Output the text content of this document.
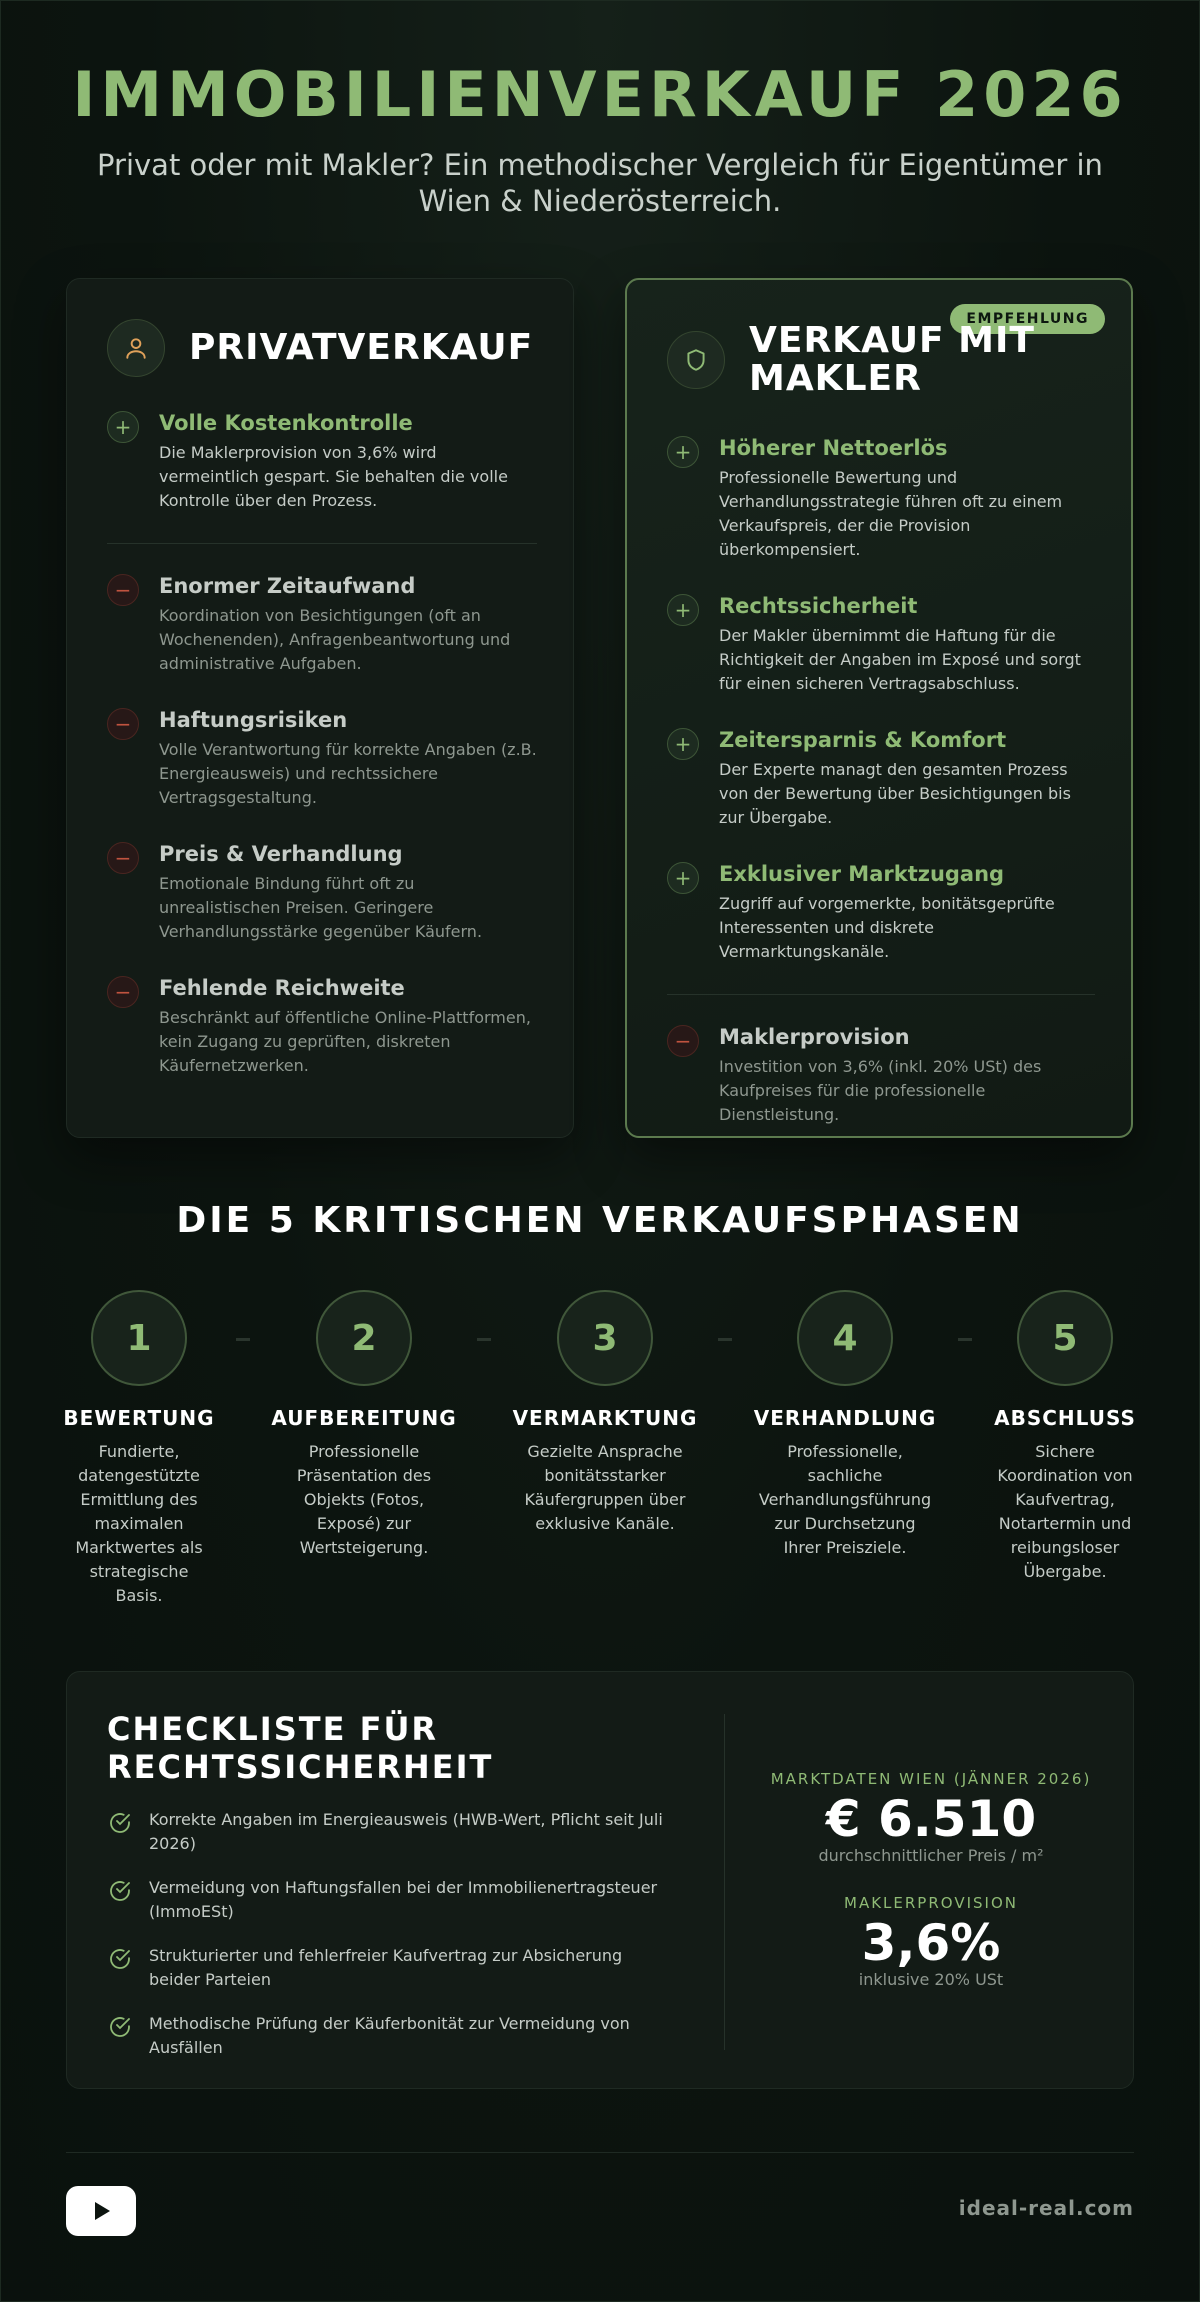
IMMOBILIENVERKAUF 2026

Privat oder mit Makler? Ein methodischer Vergleich für Eigentümer in Wien & Niederösterreich.

PRIVATVERKAUF
+	Volle Kostenkontrolle
Die Maklerprovision von 3,6% wird vermeintlich gespart. Sie behalten die volle Kontrolle über den Prozess.
−	Enormer Zeitaufwand
Koordination von Besichtigungen (oft an Wochenenden), Anfragenbeantwortung und administrative Aufgaben.
−	Haftungsrisiken
Volle Verantwortung für korrekte Angaben (z.B. Energieausweis) und rechtssichere Vertragsgestaltung.
−	Preis & Verhandlung
Emotionale Bindung führt oft zu unrealistischen Preisen. Geringere Verhandlungsstärke gegenüber Käufern.
−	Fehlende Reichweite
Beschränkt auf öffentliche Online-Plattformen, kein Zugang zu geprüften, diskreten Käufernetzwerken.
EMPFEHLUNG
VERKAUF MIT MAKLER
+	Höherer Nettoerlös
Professionelle Bewertung und Verhandlungsstrategie führen oft zu einem Verkaufspreis, der die Provision überkompensiert.
+	Rechtssicherheit
Der Makler übernimmt die Haftung für die Richtigkeit der Angaben im Exposé und sorgt für einen sicheren Vertragsabschluss.
+	Zeitersparnis & Komfort
Der Experte managt den gesamten Prozess von der Bewertung über Besichtigungen bis zur Übergabe.
+	Exklusiver Marktzugang
Zugriff auf vorgemerkte, bonitätsgeprüfte Interessenten und diskrete Vermarktungskanäle.
−	Maklerprovision
Investition von 3,6% (inkl. 20% USt) des Kaufpreises für die professionelle Dienstleistung.
DIE 5 KRITISCHEN VERKAUFSPHASEN
1
BEWERTUNG
Fundierte, datengestützte Ermittlung des maximalen Marktwertes als strategische Basis.
2
AUFBEREITUNG
Professionelle Präsentation des Objekts (Fotos, Exposé) zur Wertsteigerung.
3
VERMARKTUNG
Gezielte Ansprache bonitätsstarker Käufergruppen über exklusive Kanäle.
4
VERHANDLUNG
Professionelle, sachliche Verhandlungsführung zur Durchsetzung Ihrer Preisziele.
5
ABSCHLUSS
Sichere Koordination von Kaufvertrag, Notartermin und reibungsloser Übergabe.
CHECKLISTE FÜR RECHTSSICHERHEIT
Korrekte Angaben im Energieausweis (HWB-Wert, Pflicht seit Juli 2026)
Vermeidung von Haftungsfallen bei der Immobilienertragsteuer (ImmoESt)
Strukturierter und fehlerfreier Kaufvertrag zur Absicherung beider Parteien
Methodische Prüfung der Käuferbonität zur Vermeidung von Ausfällen
MARKTDATEN WIEN (JÄNNER 2026)
€ 6.510
durchschnittlicher Preis / m²
MAKLERPROVISION
3,6%
inklusive 20% USt
ideal-real.com
